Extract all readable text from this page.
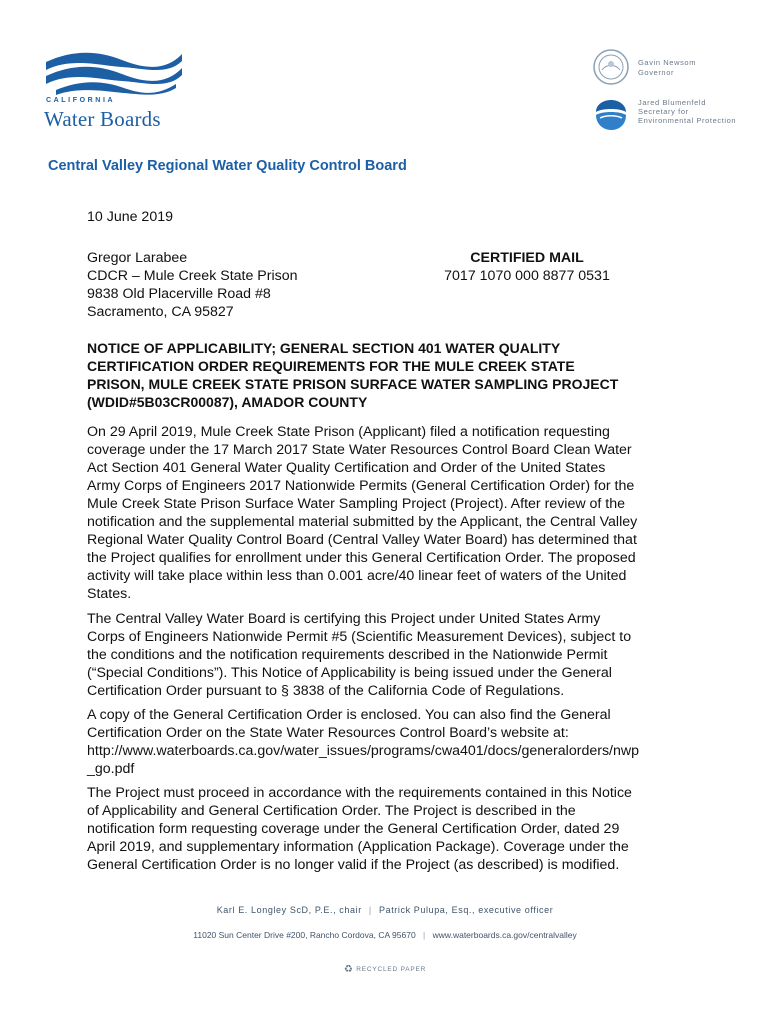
CALIFORNIA
Water Boards
Gavin Newsom
Governor
Jared Blumenfeld
Secretary for
Environmental Protection
Central Valley Regional Water Quality Control Board
10 June 2019
Gregor Larabee
CDCR – Mule Creek State Prison
9838 Old Placerville Road #8
Sacramento, CA 95827
CERTIFIED MAIL
7017 1070 000 8877 0531
NOTICE OF APPLICABILITY; GENERAL SECTION 401 WATER QUALITY
CERTIFICATION ORDER REQUIREMENTS FOR THE MULE CREEK STATE
PRISON, MULE CREEK STATE PRISON SURFACE WATER SAMPLING PROJECT
(WDID#5B03CR00087), AMADOR COUNTY
On 29 April 2019, Mule Creek State Prison (Applicant) filed a notification requesting
coverage under the 17 March 2017 State Water Resources Control Board Clean Water
Act Section 401 General Water Quality Certification and Order of the United States
Army Corps of Engineers 2017 Nationwide Permits (General Certification Order) for the
Mule Creek State Prison Surface Water Sampling Project (Project). After review of the
notification and the supplemental material submitted by the Applicant, the Central Valley
Regional Water Quality Control Board (Central Valley Water Board) has determined that
the Project qualifies for enrollment under this General Certification Order. The proposed
activity will take place within less than 0.001 acre/40 linear feet of waters of the United
States.
The Central Valley Water Board is certifying this Project under United States Army
Corps of Engineers Nationwide Permit #5 (Scientific Measurement Devices), subject to
the conditions and the notification requirements described in the Nationwide Permit
(“Special Conditions”). This Notice of Applicability is being issued under the General
Certification Order pursuant to § 3838 of the California Code of Regulations.
A copy of the General Certification Order is enclosed. You can also find the General
Certification Order on the State Water Resources Control Board’s website at:
http://www.waterboards.ca.gov/water_issues/programs/cwa401/docs/generalorders/nwp
_go.pdf
The Project must proceed in accordance with the requirements contained in this Notice
of Applicability and General Certification Order. The Project is described in the
notification form requesting coverage under the General Certification Order, dated 29
April 2019, and supplementary information (Application Package). Coverage under the
General Certification Order is no longer valid if the Project (as described) is modified.
Karl E. Longley ScD, P.E., chair | Patrick Pulupa, Esq., executive officer
11020 Sun Center Drive #200, Rancho Cordova, CA 95670 | www.waterboards.ca.gov/centralvalley
♻ RECYCLED PAPER
